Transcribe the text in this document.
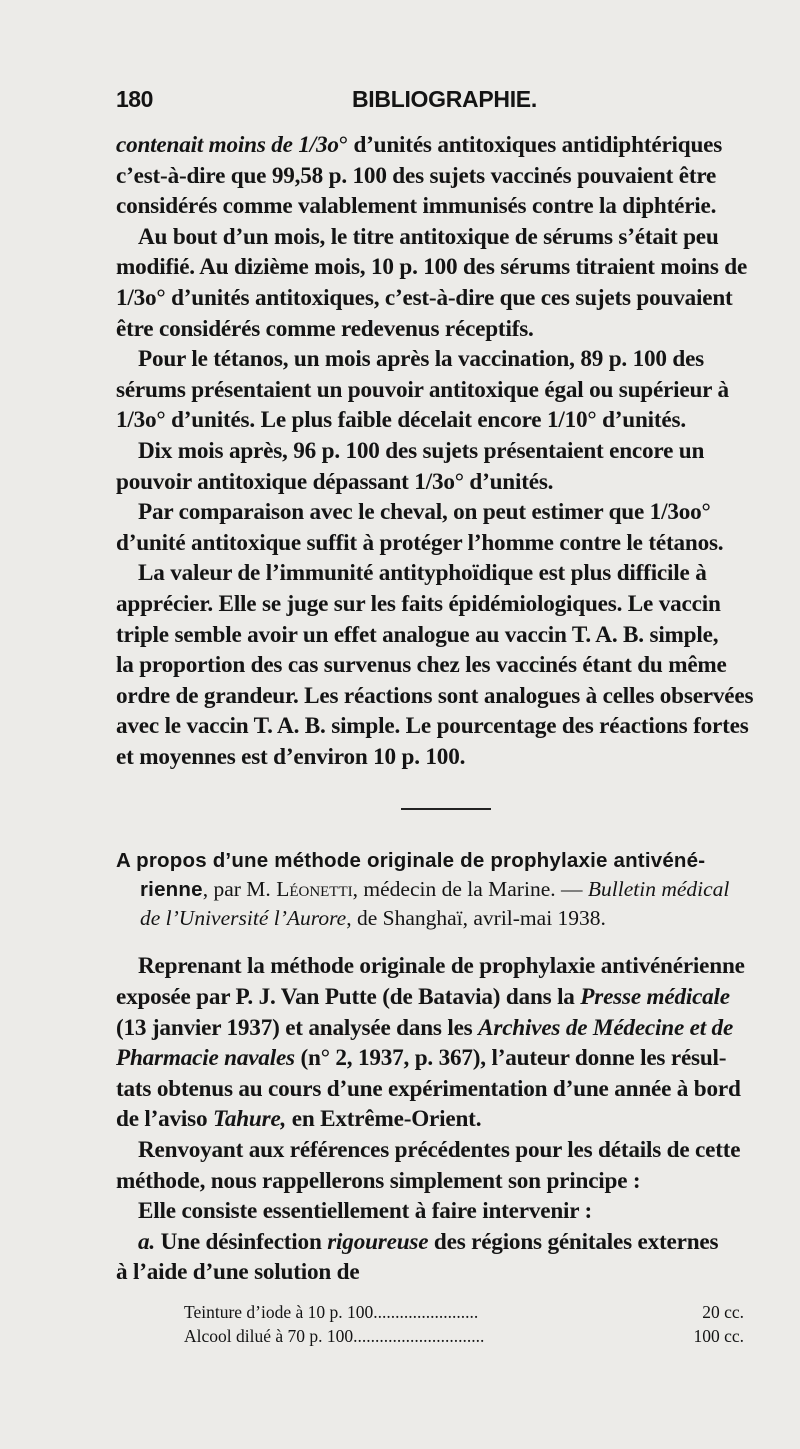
180	BIBLIOGRAPHIE.

contenait moins de 1/3o° d’unités antitoxiques antidiphtériques

c’est-à-dire que 99,58 p. 100 des sujets vaccinés pouvaient être

considérés comme valablement immunisés contre la diphtérie.

Au bout d’un mois, le titre antitoxique de sérums s’était peu

modifié. Au dizième mois, 10 p. 100 des sérums titraient moins de

1/3o° d’unités antitoxiques, c’est-à-dire que ces sujets pouvaient

être considérés comme redevenus réceptifs.

Pour le tétanos, un mois après la vaccination, 89 p. 100 des

sérums présentaient un pouvoir antitoxique égal ou supérieur à

1/3o° d’unités. Le plus faible décelait encore 1/10° d’unités.

Dix mois après, 96 p. 100 des sujets présentaient encore un

pouvoir antitoxique dépassant 1/3o° d’unités.

Par comparaison avec le cheval, on peut estimer que 1/3oo°

d’unité antitoxique suffit à protéger l’homme contre le tétanos.

La valeur de l’immunité antityphoïdique est plus difficile à

apprécier. Elle se juge sur les faits épidémiologiques. Le vaccin

triple semble avoir un effet analogue au vaccin T. A. B. simple,

la proportion des cas survenus chez les vaccinés étant du même

ordre de grandeur. Les réactions sont analogues à celles observées

avec le vaccin T. A. B. simple. Le pourcentage des réactions fortes

et moyennes est d’environ 10 p. 100.

A propos d’une méthode originale de prophylaxie antivéné-

rienne, par M. Léonetti, médecin de la Marine. — Bulletin médical

de l’Université l’Aurore, de Shanghaï, avril-mai 1938.

Reprenant la méthode originale de prophylaxie antivénérienne

exposée par P. J. Van Putte (de Batavia) dans la Presse médicale

(13 janvier 1937) et analysée dans les Archives de Médecine et de

Pharmacie navales (n° 2, 1937, p. 367), l’auteur donne les résul-

tats obtenus au cours d’une expérimentation d’une année à bord

de l’aviso Tahure, en Extrême-Orient.

Renvoyant aux références précédentes pour les détails de cette

méthode, nous rappellerons simplement son principe :

Elle consiste essentiellement à faire intervenir :

a. Une désinfection rigoureuse des régions génitales externes

à l’aide d’une solution de

Teinture d’iode à 10 p. 100........................	20 cc.
Alcool dilué à 70 p. 100..............................	100 cc.
